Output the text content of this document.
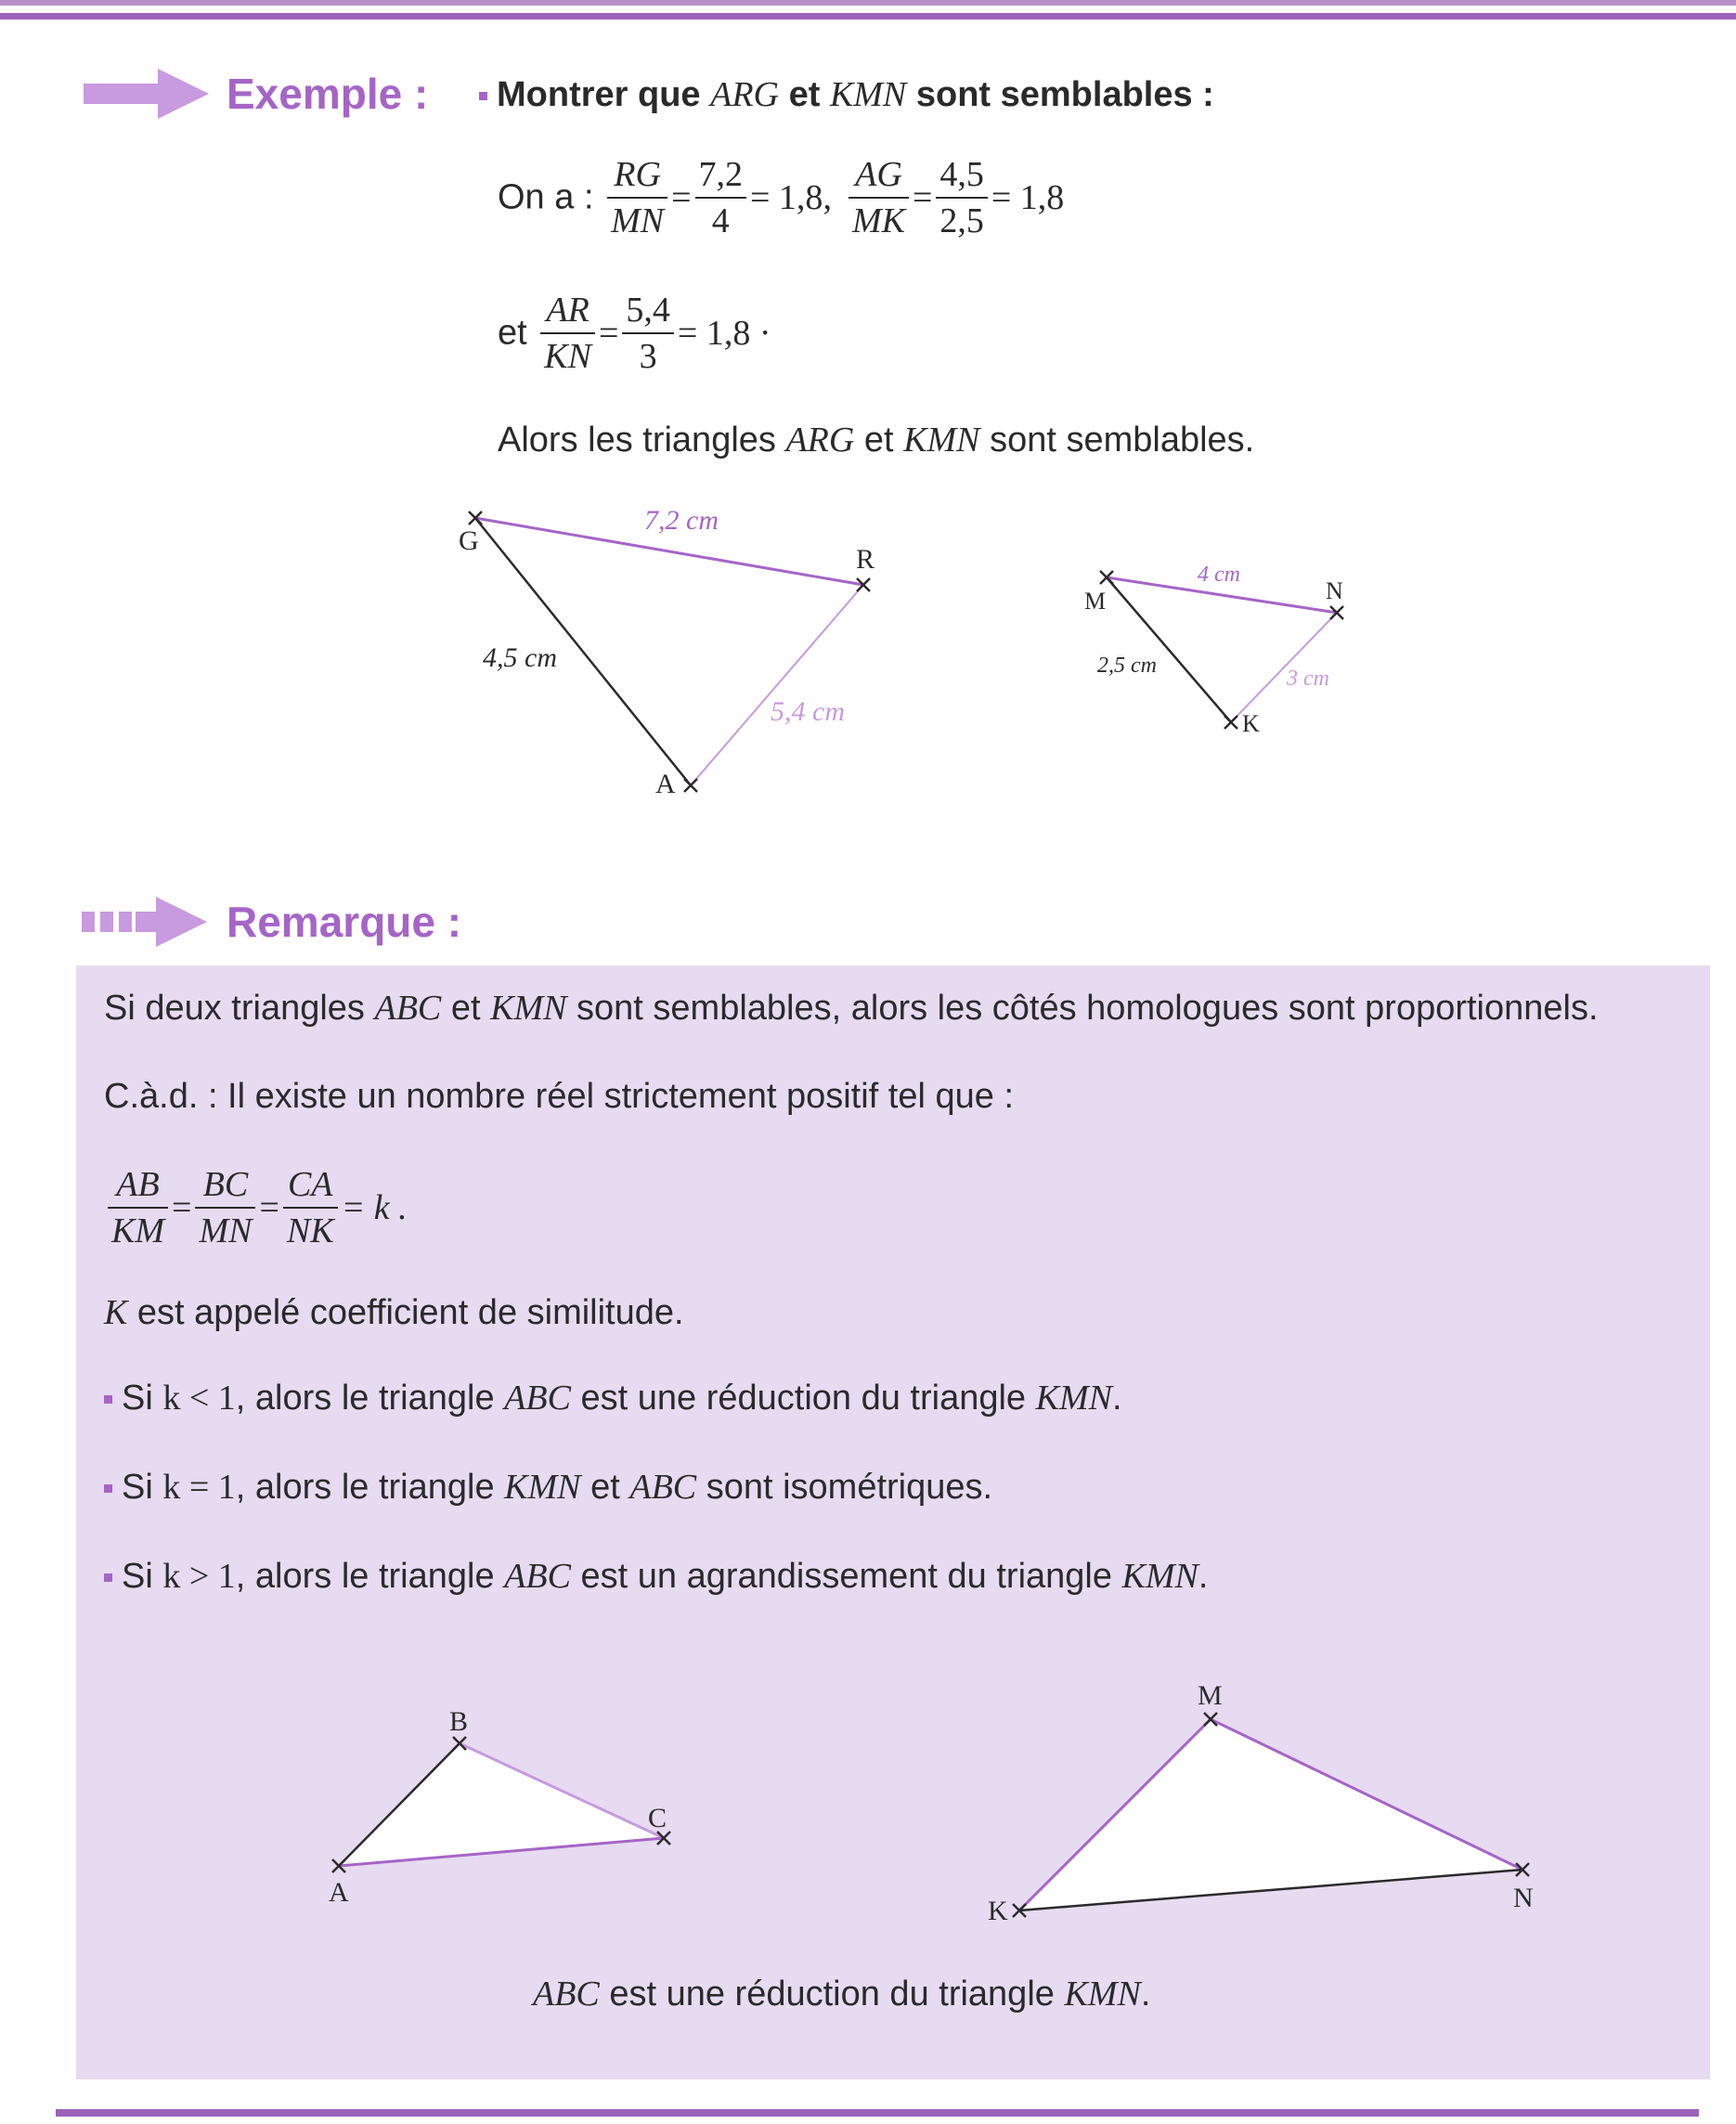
Exemple :	Montrer que ARG et KMN sont semblables :
On a : $\frac{RG}{MN} = \frac{7,2}{4} = 1,8$, $\frac{AG}{MK} = \frac{4,5}{2,5} = 1,8$
et $\frac{AR}{KN} = \frac{5,4}{3} = 1,8$ ·
Alors les triangles ARG et KMN sont semblables.
G
R
A
7,2 cm
4,5 cm
5,4 cm
M	N
K
4 cm
2,5 cm
3 cm
Remarque :
Si deux triangles ABC et KMN sont semblables, alors les côtés homologues sont proportionnels.
C.à.d. : Il existe un nombre réel strictement positif tel que :
$\frac{AB}{KM} = \frac{BC}{MN} = \frac{CA}{NK} = k$ .
K est appelé coefficient de similitude.
Si k < 1, alors le triangle ABC est une réduction du triangle KMN.
Si k = 1, alors le triangle KMN et ABC sont isométriques.
Si k > 1, alors le triangle ABC est un agrandissement du triangle KMN.
A
B
C
K
M
N
ABC est une réduction du triangle KMN.
